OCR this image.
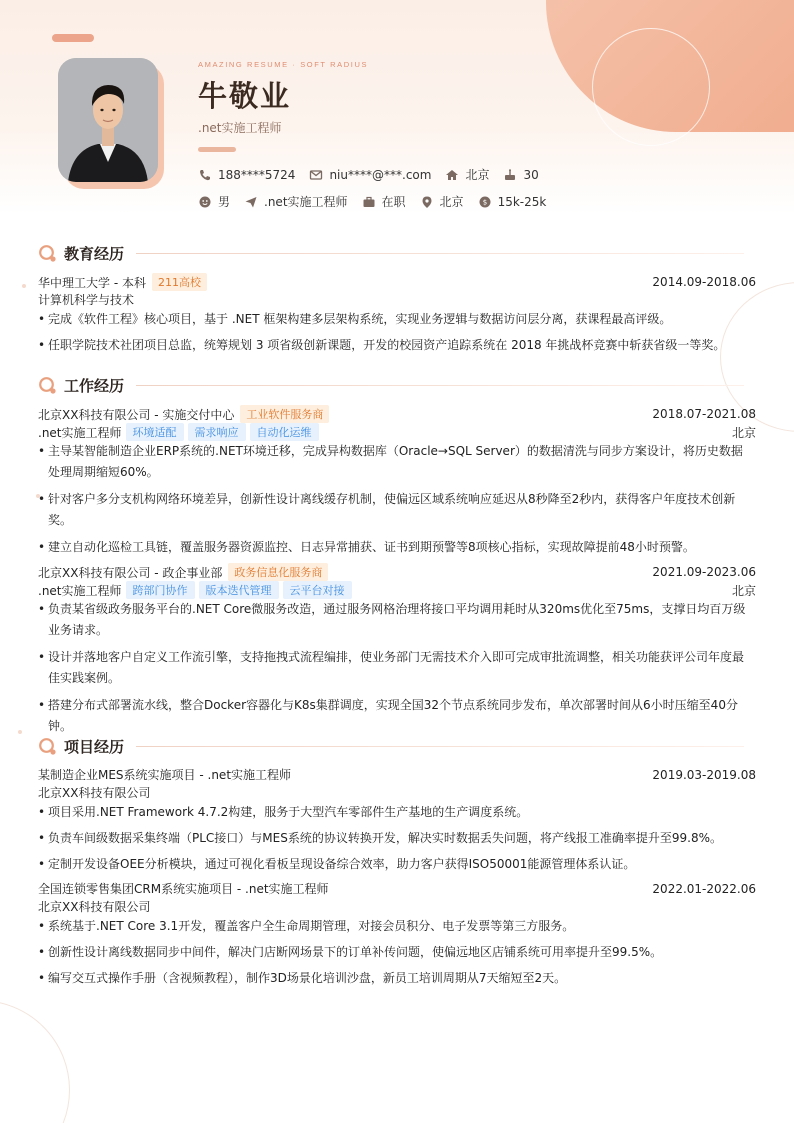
AMAZING RESUME · SOFT RADIUS
牛敬业
.net实施工程师
188****5724	niu****@***.com	北京	30
男	.net实施工程师	在职	北京	$ 15k-25k
教育经历
华中理工大学 - 本科	211高校	2014.09-2018.06
计算机科学与技术
• 完成《软件工程》核心项目，基于 .NET 框架构建多层架构系统，实现业务逻辑与数据访问层分离，获课程最高评级。
• 任职学院技术社团项目总监，统筹规划 3 项省级创新课题，开发的校园资产追踪系统在 2018 年挑战杯竞赛中斩获省级一等奖。
工作经历
北京XX科技有限公司 - 实施交付中心	工业软件服务商	2018.07-2021.08
.net实施工程师	环境适配	需求响应	自动化运维	北京
• 主导某智能制造企业ERP系统的.NET环境迁移，完成异构数据库（Oracle→SQL Server）的数据清洗与同步方案设计，将历史数据处理周期缩短60%。
• 针对客户多分支机构网络环境差异，创新性设计离线缓存机制，使偏远区域系统响应延迟从8秒降至2秒内，获得客户年度技术创新奖。
• 建立自动化巡检工具链，覆盖服务器资源监控、日志异常捕获、证书到期预警等8项核心指标，实现故障提前48小时预警。
北京XX科技有限公司 - 政企事业部	政务信息化服务商	2021.09-2023.06
.net实施工程师	跨部门协作	版本迭代管理	云平台对接	北京
• 负责某省级政务服务平台的.NET Core微服务改造，通过服务网格治理将接口平均调用耗时从320ms优化至75ms，支撑日均百万级业务请求。
• 设计并落地客户自定义工作流引擎，支持拖拽式流程编排，使业务部门无需技术介入即可完成审批流调整，相关功能获评公司年度最佳实践案例。
• 搭建分布式部署流水线，整合Docker容器化与K8s集群调度，实现全国32个节点系统同步发布，单次部署时间从6小时压缩至40分钟。
项目经历
某制造企业MES系统实施项目 - .net实施工程师	2019.03-2019.08
北京XX科技有限公司
• 项目采用.NET Framework 4.7.2构建，服务于大型汽车零部件生产基地的生产调度系统。
• 负责车间级数据采集终端（PLC接口）与MES系统的协议转换开发，解决实时数据丢失问题，将产线报工准确率提升至99.8%。
• 定制开发设备OEE分析模块，通过可视化看板呈现设备综合效率，助力客户获得ISO50001能源管理体系认证。
全国连锁零售集团CRM系统实施项目 - .net实施工程师	2022.01-2022.06
北京XX科技有限公司
• 系统基于.NET Core 3.1开发，覆盖客户全生命周期管理，对接会员积分、电子发票等第三方服务。
• 创新性设计离线数据同步中间件，解决门店断网场景下的订单补传问题，使偏远地区店铺系统可用率提升至99.5%。
• 编写交互式操作手册（含视频教程），制作3D场景化培训沙盘，新员工培训周期从7天缩短至2天。
